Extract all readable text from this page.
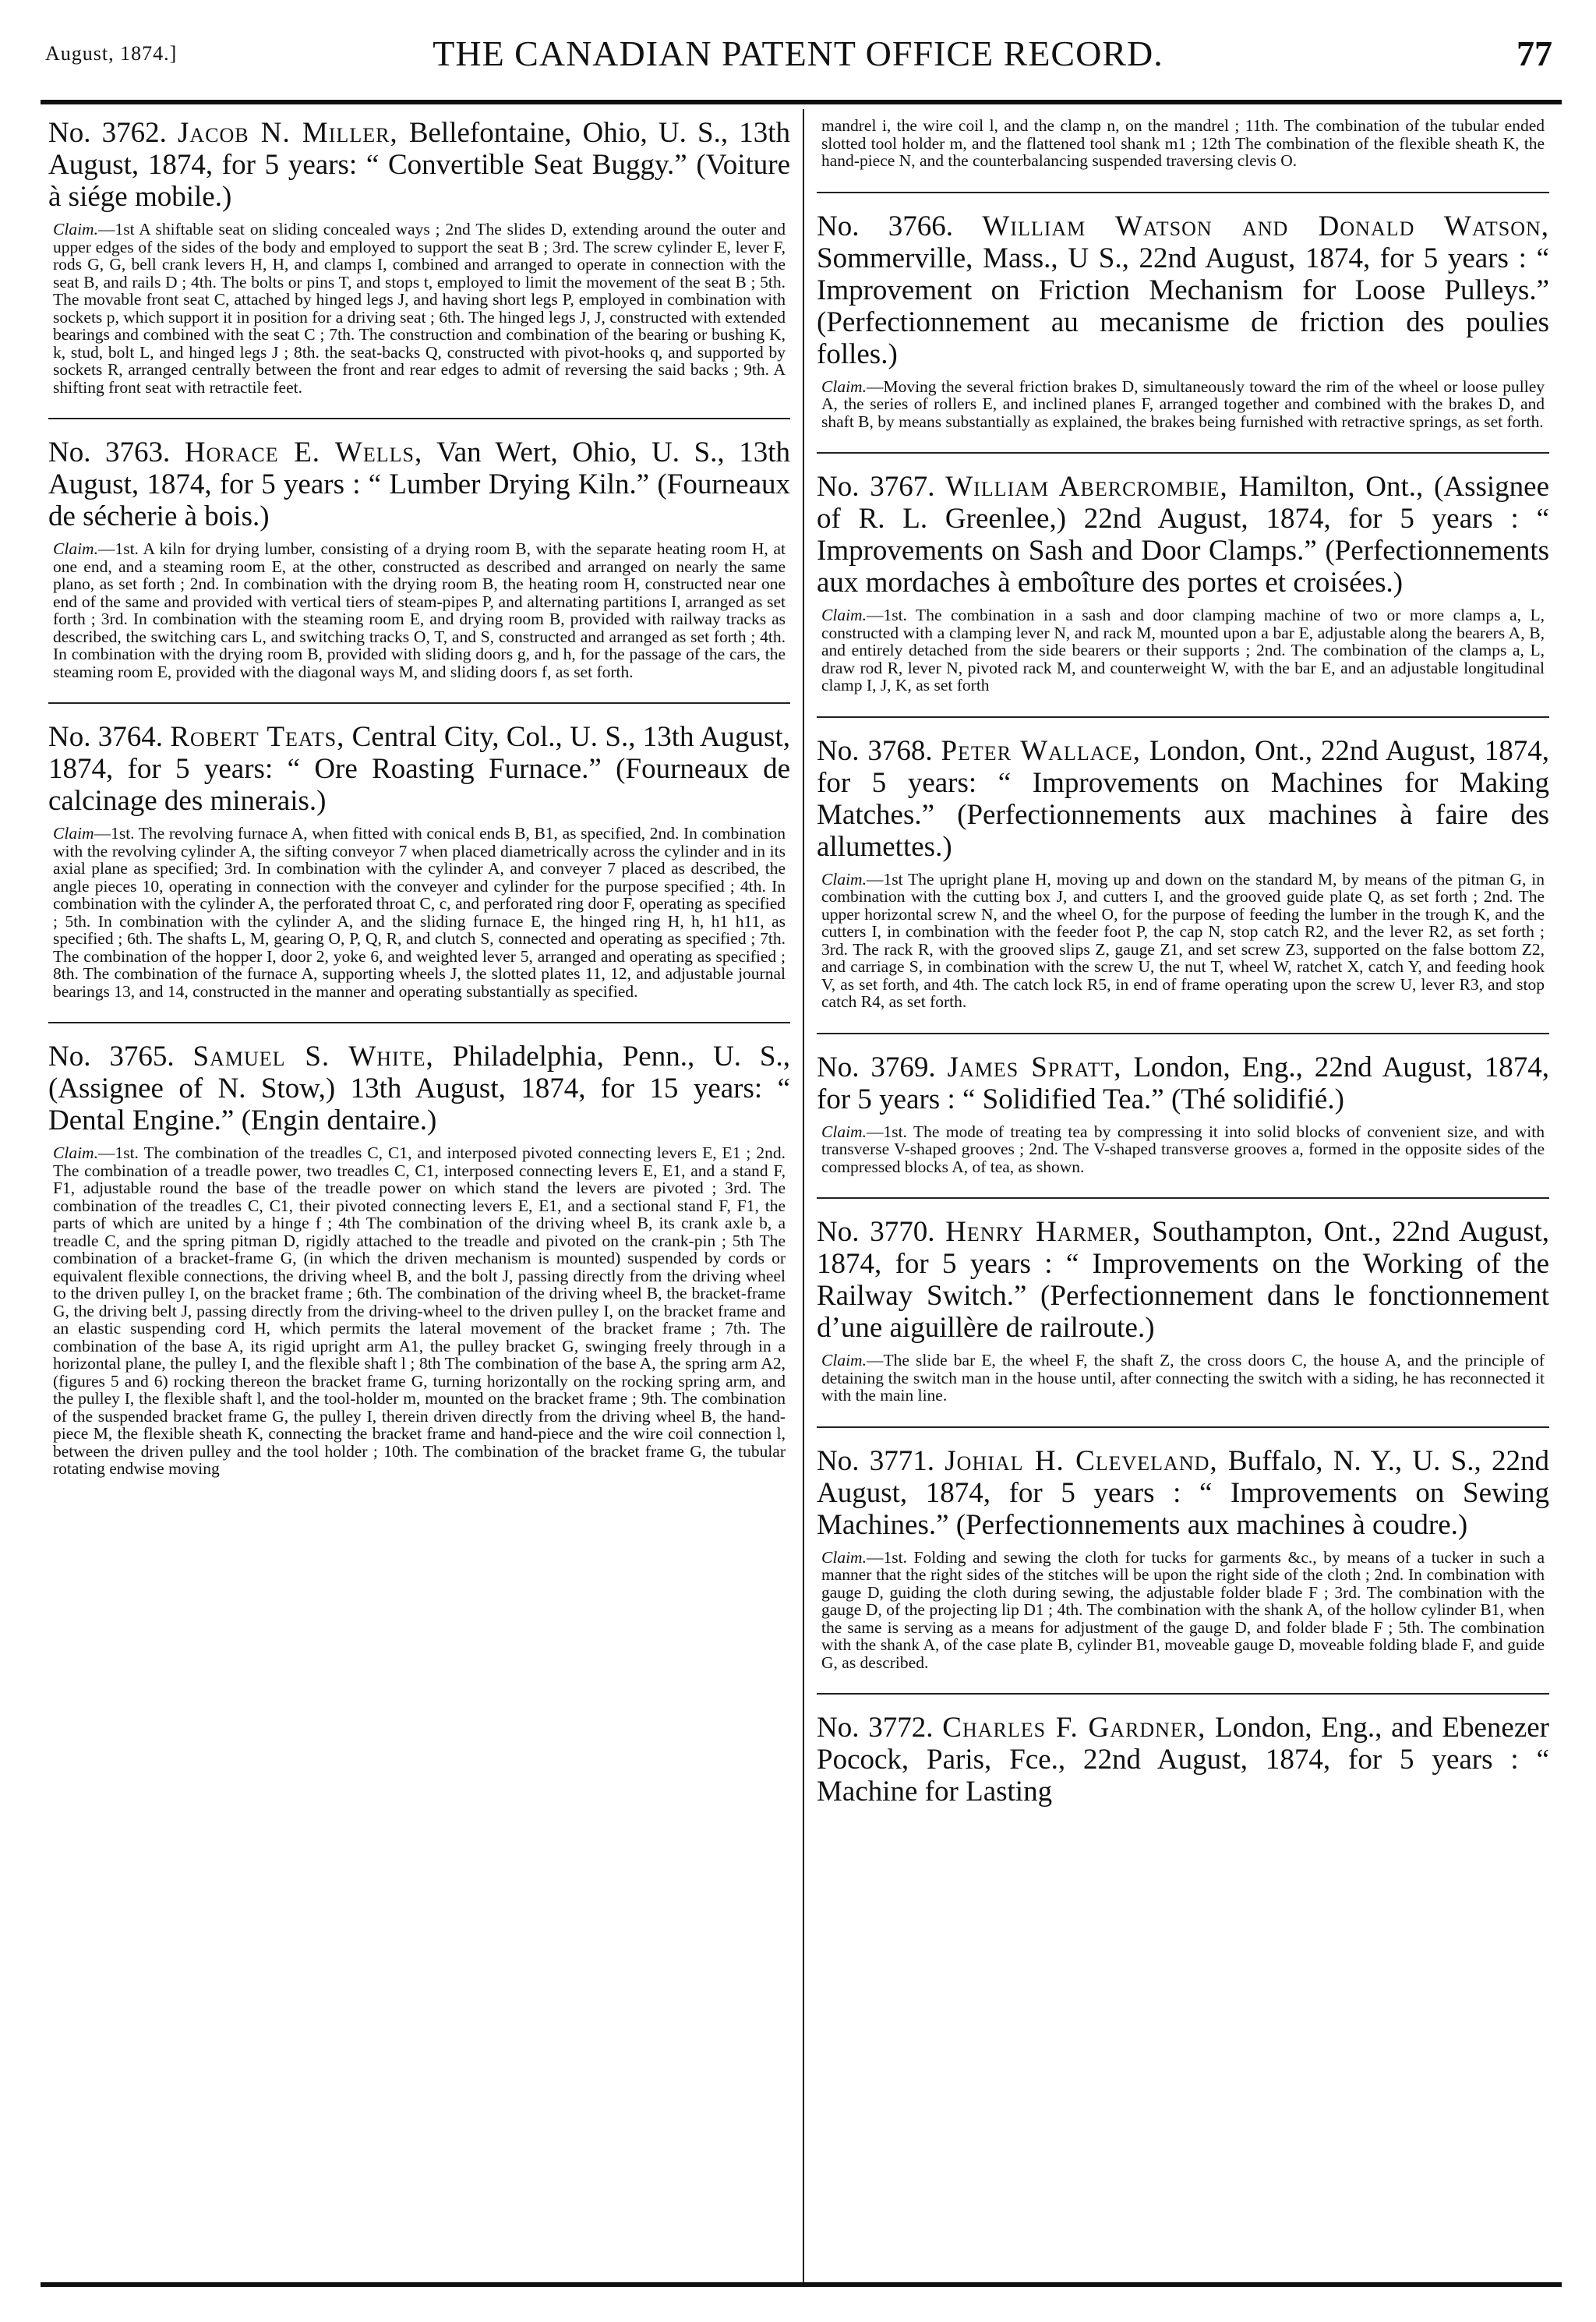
August, 1874.]	THE CANADIAN PATENT OFFICE RECORD.	77

No. 3762. Jacob N. Miller, Bellefontaine, Ohio, U. S., 13th August, 1874, for 5 years: “ Convertible Seat Buggy.” (Voiture à siége mobile.)

Claim.—1st A shiftable seat on sliding concealed ways ; 2nd The slides D, extending around the outer and upper edges of the sides of the body and employed to support the seat B ; 3rd. The screw cylinder E, lever F, rods G, G, bell crank levers H, H, and clamps I, combined and arranged to operate in connection with the seat B, and rails D ; 4th. The bolts or pins T, and stops t, employed to limit the movement of the seat B ; 5th. The movable front seat C, attached by hinged legs J, and having short legs P, employed in combination with sockets p, which support it in position for a driving seat ; 6th. The hinged legs J, J, constructed with extended bearings and combined with the seat C ; 7th. The construction and combination of the bearing or bushing K, k, stud, bolt L, and hinged legs J ; 8th. the seat-backs Q, constructed with pivot-hooks q, and supported by sockets R, arranged centrally between the front and rear edges to admit of reversing the said backs ; 9th. A shifting front seat with retractile feet.

No. 3763. Horace E. Wells, Van Wert, Ohio, U. S., 13th August, 1874, for 5 years : “ Lumber Drying Kiln.” (Fourneaux de sécherie à bois.)

Claim.—1st. A kiln for drying lumber, consisting of a drying room B, with the separate heating room H, at one end, and a steaming room E, at the other, constructed as described and arranged on nearly the same plano, as set forth ; 2nd. In combination with the drying room B, the heating room H, constructed near one end of the same and provided with vertical tiers of steam-pipes P, and alternating partitions I, arranged as set forth ; 3rd. In combination with the steaming room E, and drying room B, provided with railway tracks as described, the switching cars L, and switching tracks O, T, and S, constructed and arranged as set forth ; 4th. In combination with the drying room B, provided with sliding doors g, and h, for the passage of the cars, the steaming room E, provided with the diagonal ways M, and sliding doors f, as set forth.

No. 3764. Robert Teats, Central City, Col., U. S., 13th August, 1874, for 5 years: “ Ore Roasting Furnace.” (Fourneaux de calcinage des minerais.)

Claim—1st. The revolving furnace A, when fitted with conical ends B, B1, as specified, 2nd. In combination with the revolving cylinder A, the sifting conveyor 7 when placed diametrically across the cylinder and in its axial plane as specified; 3rd. In combination with the cylinder A, and conveyer 7 placed as described, the angle pieces 10, operating in connection with the conveyer and cylinder for the purpose specified ; 4th. In combination with the cylinder A, the perforated throat C, c, and perforated ring door F, operating as specified ; 5th. In combination with the cylinder A, and the sliding furnace E, the hinged ring H, h, h1 h11, as specified ; 6th. The shafts L, M, gearing O, P, Q, R, and clutch S, connected and operating as specified ; 7th. The combination of the hopper I, door 2, yoke 6, and weighted lever 5, arranged and operating as specified ; 8th. The combination of the furnace A, supporting wheels J, the slotted plates 11, 12, and adjustable journal bearings 13, and 14, constructed in the manner and operating substantially as specified.

No. 3765. Samuel S. White, Philadelphia, Penn., U. S., (Assignee of N. Stow,) 13th August, 1874, for 15 years: “ Dental Engine.” (Engin dentaire.)

Claim.—1st. The combination of the treadles C, C1, and interposed pivoted connecting levers E, E1 ; 2nd. The combination of a treadle power, two treadles C, C1, interposed connecting levers E, E1, and a stand F, F1, adjustable round the base of the treadle power on which stand the levers are pivoted ; 3rd. The combination of the treadles C, C1, their pivoted connecting levers E, E1, and a sectional stand F, F1, the parts of which are united by a hinge f ; 4th The combination of the driving wheel B, its crank axle b, a treadle C, and the spring pitman D, rigidly attached to the treadle and pivoted on the crank-pin ; 5th The combination of a bracket-frame G, (in which the driven mechanism is mounted) suspended by cords or equivalent flexible connections, the driving wheel B, and the bolt J, passing directly from the driving wheel to the driven pulley I, on the bracket frame ; 6th. The combination of the driving wheel B, the bracket-frame G, the driving belt J, passing directly from the driving-wheel to the driven pulley I, on the bracket frame and an elastic suspending cord H, which permits the lateral movement of the bracket frame ; 7th. The combination of the base A, its rigid upright arm A1, the pulley bracket G, swinging freely through in a horizontal plane, the pulley I, and the flexible shaft l ; 8th The combination of the base A, the spring arm A2, (figures 5 and 6) rocking thereon the bracket frame G, turning horizontally on the rocking spring arm, and the pulley I, the flexible shaft l, and the tool-holder m, mounted on the bracket frame ; 9th. The combination of the suspended bracket frame G, the pulley I, therein driven directly from the driving wheel B, the hand-piece M, the flexible sheath K, connecting the bracket frame and hand-piece and the wire coil connection l, between the driven pulley and the tool holder ; 10th. The combination of the bracket frame G, the tubular rotating endwise moving

mandrel i, the wire coil l, and the clamp n, on the mandrel ; 11th. The combination of the tubular ended slotted tool holder m, and the flattened tool shank m1 ; 12th The combination of the flexible sheath K, the hand-piece N, and the counterbalancing suspended traversing clevis O.

No. 3766. William Watson and Donald Watson, Sommerville, Mass., U S., 22nd August, 1874, for 5 years : “ Improvement on Friction Mechanism for Loose Pulleys.” (Perfectionnement au mecanisme de friction des poulies folles.)

Claim.—Moving the several friction brakes D, simultaneously toward the rim of the wheel or loose pulley A, the series of rollers E, and inclined planes F, arranged together and combined with the brakes D, and shaft B, by means substantially as explained, the brakes being furnished with retractive springs, as set forth.

No. 3767. William Abercrombie, Hamilton, Ont., (Assignee of R. L. Greenlee,) 22nd August, 1874, for 5 years : “ Improvements on Sash and Door Clamps.” (Perfectionnements aux mordaches à emboîture des portes et croisées.)

Claim.—1st. The combination in a sash and door clamping machine of two or more clamps a, L, constructed with a clamping lever N, and rack M, mounted upon a bar E, adjustable along the bearers A, B, and entirely detached from the side bearers or their supports ; 2nd. The combination of the clamps a, L, draw rod R, lever N, pivoted rack M, and counterweight W, with the bar E, and an adjustable longitudinal clamp I, J, K, as set forth

No. 3768. Peter Wallace, London, Ont., 22nd August, 1874, for 5 years: “ Improvements on Machines for Making Matches.” (Perfectionnements aux machines à faire des allumettes.)

Claim.—1st The upright plane H, moving up and down on the standard M, by means of the pitman G, in combination with the cutting box J, and cutters I, and the grooved guide plate Q, as set forth ; 2nd. The upper horizontal screw N, and the wheel O, for the purpose of feeding the lumber in the trough K, and the cutters I, in combination with the feeder foot P, the cap N, stop catch R2, and the lever R2, as set forth ; 3rd. The rack R, with the grooved slips Z, gauge Z1, and set screw Z3, supported on the false bottom Z2, and carriage S, in combination with the screw U, the nut T, wheel W, ratchet X, catch Y, and feeding hook V, as set forth, and 4th. The catch lock R5, in end of frame operating upon the screw U, lever R3, and stop catch R4, as set forth.

No. 3769. James Spratt, London, Eng., 22nd August, 1874, for 5 years : “ Solidified Tea.” (Thé solidifié.)

Claim.—1st. The mode of treating tea by compressing it into solid blocks of convenient size, and with transverse V-shaped grooves ; 2nd. The V-shaped transverse grooves a, formed in the opposite sides of the compressed blocks A, of tea, as shown.

No. 3770. Henry Harmer, Southampton, Ont., 22nd August, 1874, for 5 years : “ Improvements on the Working of the Railway Switch.” (Perfectionnement dans le fonctionnement d’une aiguillère de railroute.)

Claim.—The slide bar E, the wheel F, the shaft Z, the cross doors C, the house A, and the principle of detaining the switch man in the house until, after connecting the switch with a siding, he has reconnected it with the main line.

No. 3771. Johial H. Cleveland, Buffalo, N. Y., U. S., 22nd August, 1874, for 5 years : “ Improvements on Sewing Machines.” (Perfectionnements aux machines à coudre.)

Claim.—1st. Folding and sewing the cloth for tucks for garments &c., by means of a tucker in such a manner that the right sides of the stitches will be upon the right side of the cloth ; 2nd. In combination with gauge D, guiding the cloth during sewing, the adjustable folder blade F ; 3rd. The combination with the gauge D, of the projecting lip D1 ; 4th. The combination with the shank A, of the hollow cylinder B1, when the same is serving as a means for adjustment of the gauge D, and folder blade F ; 5th. The combination with the shank A, of the case plate B, cylinder B1, moveable gauge D, moveable folding blade F, and guide G, as described.

No. 3772. Charles F. Gardner, London, Eng., and Ebenezer Pocock, Paris, Fce., 22nd August, 1874, for 5 years : “ Machine for Lasting
